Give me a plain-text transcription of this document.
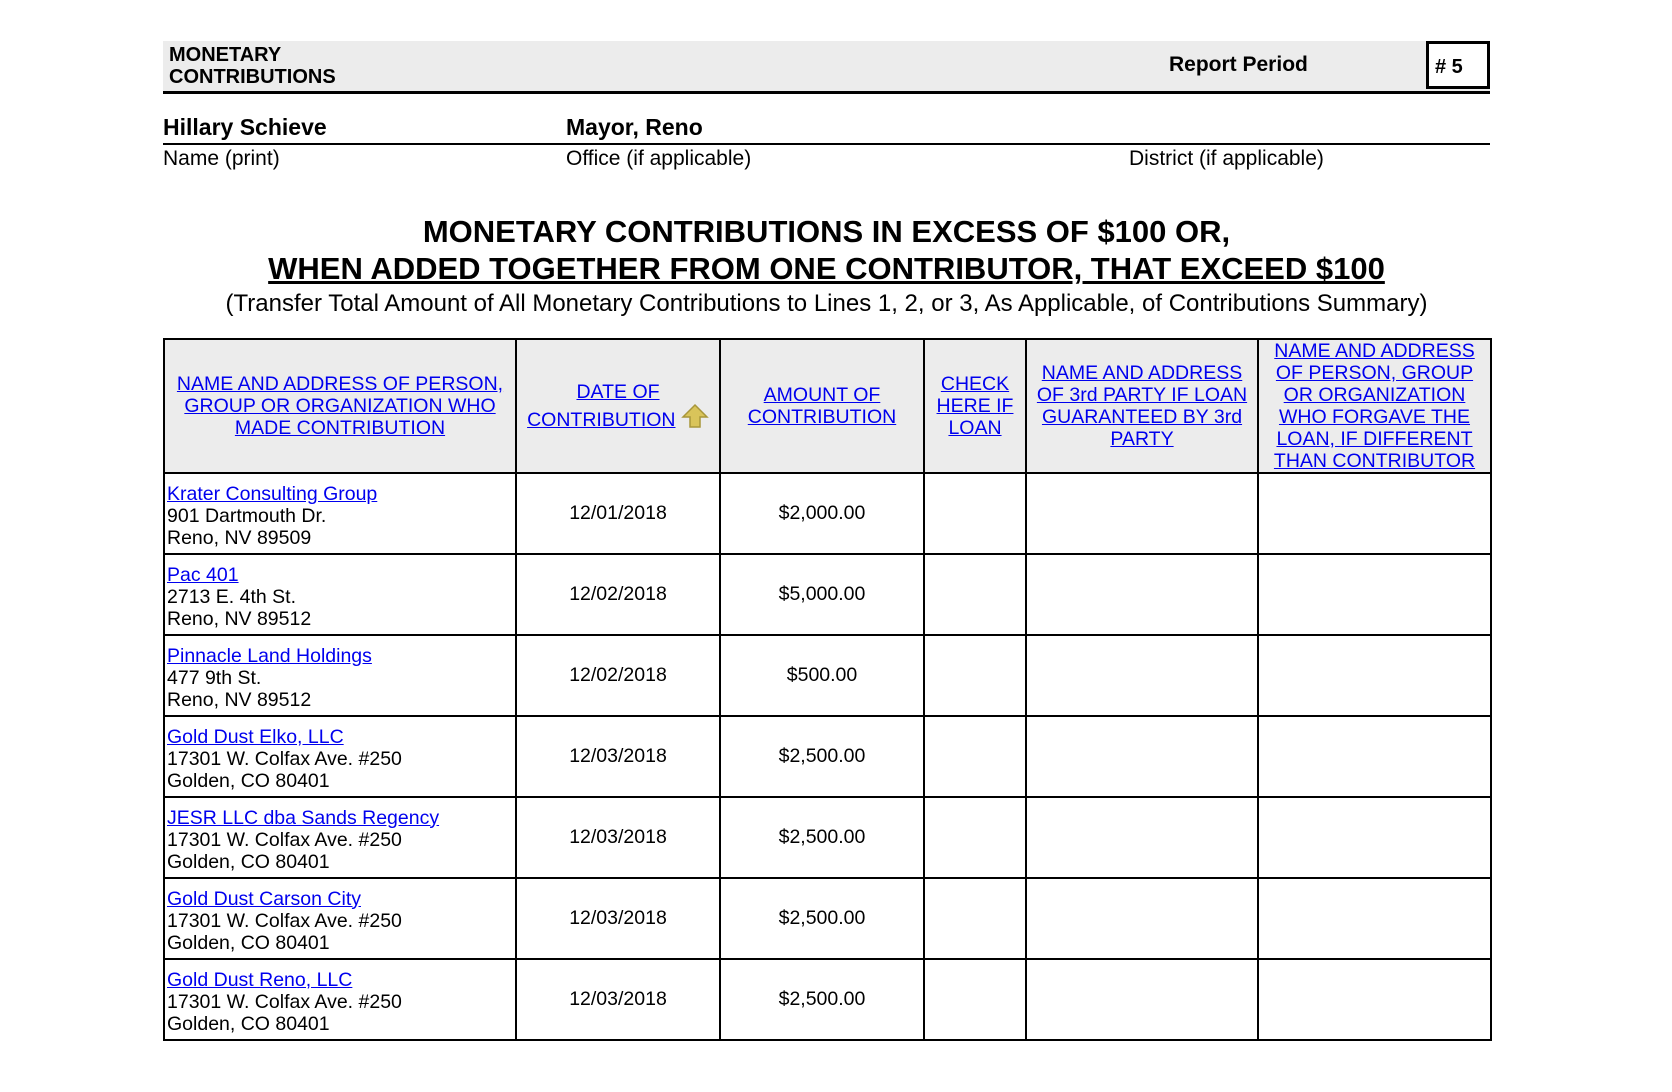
MONETARY
CONTRIBUTIONS
Report Period	# 5
Hillary Schieve	Mayor, Reno
Name (print)	Office (if applicable)	District (if applicable)
MONETARY CONTRIBUTIONS IN EXCESS OF $100 OR,
WHEN ADDED TOGETHER FROM ONE CONTRIBUTOR, THAT EXCEED $100
(Transfer Total Amount of All Monetary Contributions to Lines 1, 2, or 3, As Applicable, of Contributions Summary)
NAME AND ADDRESS OF PERSON, GROUP OR ORGANIZATION WHO MADE CONTRIBUTION	DATE OF CONTRIBUTION	AMOUNT OF CONTRIBUTION	CHECK HERE IF LOAN	NAME AND ADDRESS OF 3rd PARTY IF LOAN GUARANTEED BY 3rd PARTY	NAME AND ADDRESS OF PERSON, GROUP OR ORGANIZATION WHO FORGAVE THE LOAN, IF DIFFERENT THAN CONTRIBUTOR

Krater Consulting Group
901 Dartmouth Dr.
Reno, NV 89509	12/01/2018	$2,000.00			

Pac 401
2713 E. 4th St.
Reno, NV 89512	12/02/2018	$5,000.00			

Pinnacle Land Holdings
477 9th St.
Reno, NV 89512	12/02/2018	$500.00			

Gold Dust Elko, LLC
17301 W. Colfax Ave. #250
Golden, CO 80401	12/03/2018	$2,500.00			

JESR LLC dba Sands Regency
17301 W. Colfax Ave. #250
Golden, CO 80401	12/03/2018	$2,500.00			

Gold Dust Carson City
17301 W. Colfax Ave. #250
Golden, CO 80401	12/03/2018	$2,500.00			

Gold Dust Reno, LLC
17301 W. Colfax Ave. #250
Golden, CO 80401	12/03/2018	$2,500.00			
